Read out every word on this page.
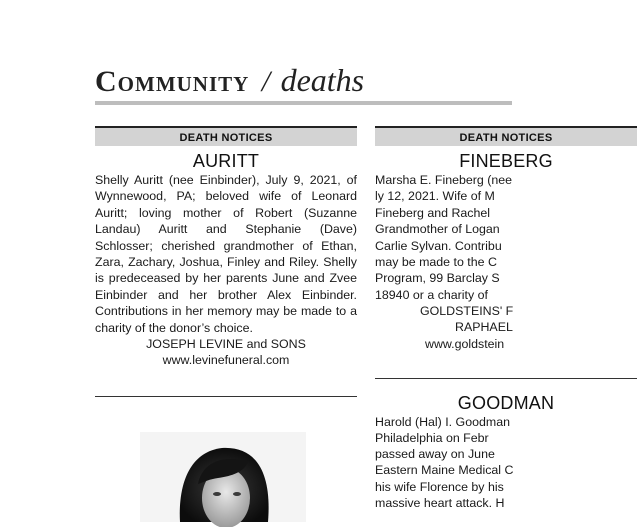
Community / deaths
DEATH NOTICES
AURITT
Shelly Auritt (nee Einbinder), July 9, 2021, of Wynnewood, PA; beloved wife of Leonard Auritt; loving mother of Robert (Suzanne Landau) Auritt and Stephanie (Dave) Schlosser; cherished grandmother of Ethan, Zara, Zachary, Joshua, Finley and Riley. Shelly is predeceased by her parents June and Zvee Einbinder and her brother Alex Einbinder. Contributions in her memory may be made to a charity of the donor’s choice.
JOSEPH LEVINE and SONS
www.levinefuneral.com
DEATH NOTICES
FINEBERG
Marsha E. Fineberg (nee
ly 12, 2021. Wife of M
Fineberg and Rachel
Grandmother of Logan
Carlie Sylvan. Contribu
may be made to the C
Program, 99 Barclay S
18940 or a charity of
GOLDSTEINS' F
RAPHAEL
www.goldstein
GOODMAN
Harold (Hal) I. Goodman
Philadelphia on Febr
passed away on June
Eastern Maine Medical C
his wife Florence by his
massive heart attack. H
